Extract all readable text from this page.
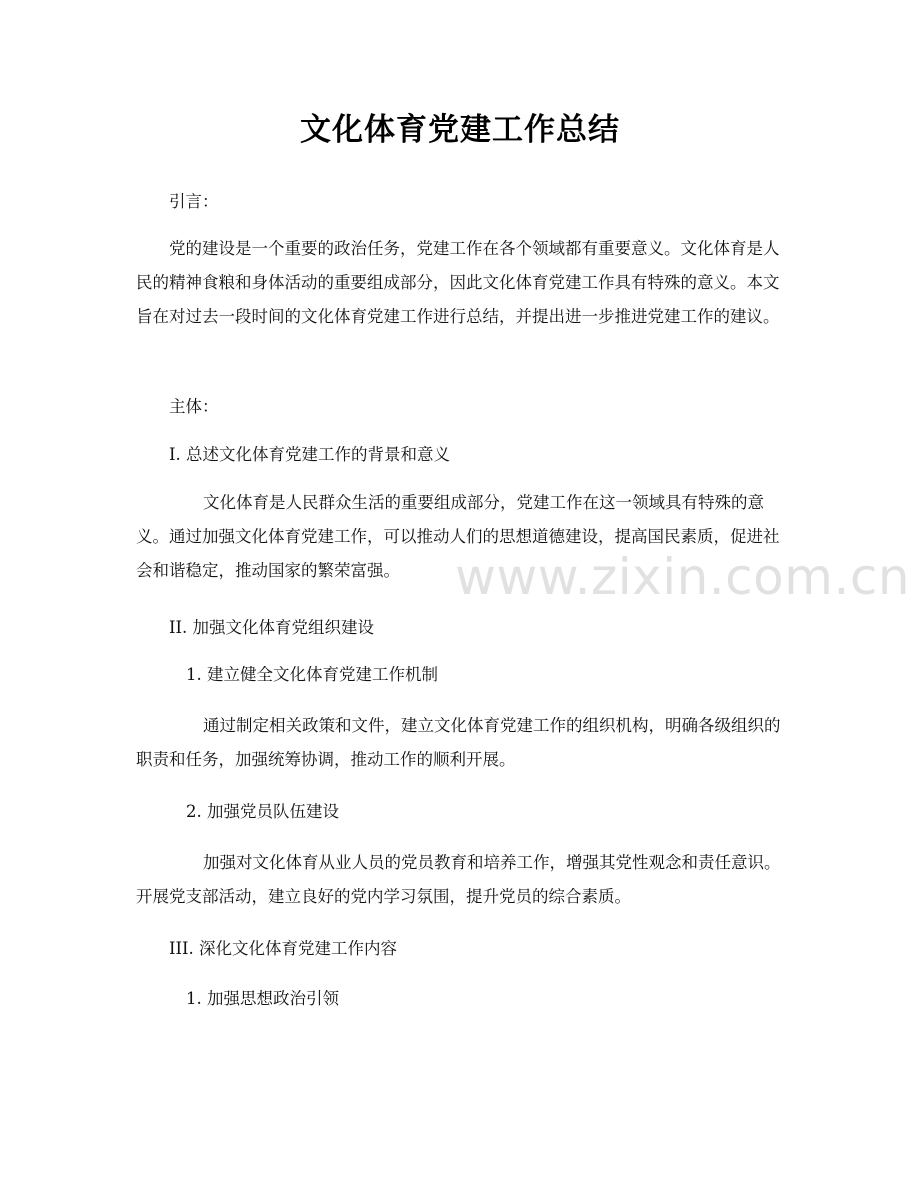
文化体育党建工作总结
引言：
党的建设是一个重要的政治任务，党建工作在各个领域都有重要意义。文化体育是人民的精神食粮和身体活动的重要组成部分，因此文化体育党建工作具有特殊的意义。本文旨在对过去一段时间的文化体育党建工作进行总结，并提出进一步推进党建工作的建议。
主体：
I. 总述文化体育党建工作的背景和意义
文化体育是人民群众生活的重要组成部分，党建工作在这一领域具有特殊的意义。通过加强文化体育党建工作，可以推动人们的思想道德建设，提高国民素质，促进社会和谐稳定，推动国家的繁荣富强。
II. 加强文化体育党组织建设
1. 建立健全文化体育党建工作机制
通过制定相关政策和文件，建立文化体育党建工作的组织机构，明确各级组织的职责和任务，加强统筹协调，推动工作的顺利开展。
2. 加强党员队伍建设
加强对文化体育从业人员的党员教育和培养工作，增强其党性观念和责任意识。开展党支部活动，建立良好的党内学习氛围，提升党员的综合素质。
III. 深化文化体育党建工作内容
1. 加强思想政治引领
www.zixin.com.cn
